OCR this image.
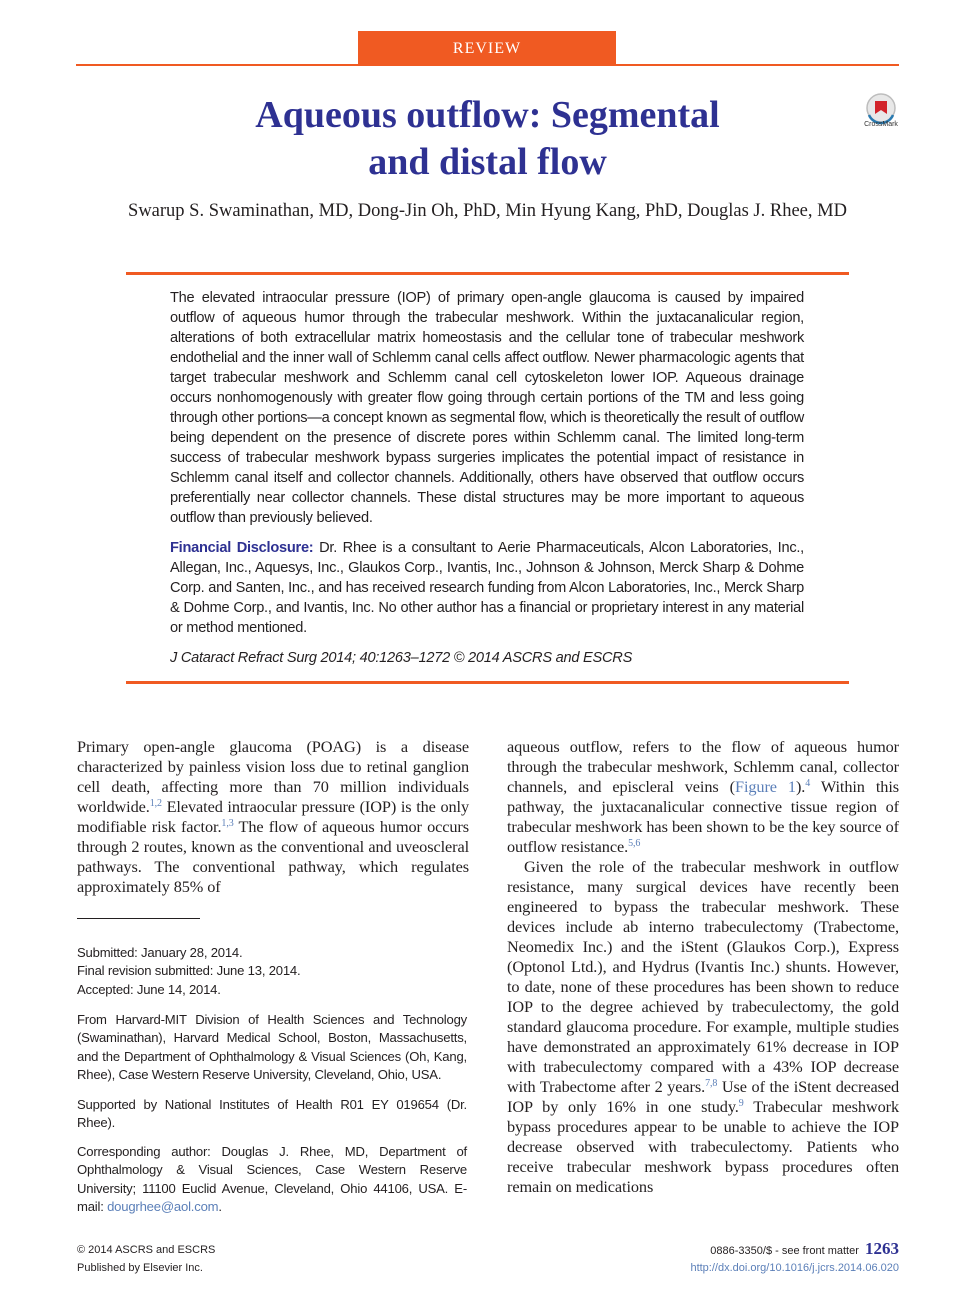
REVIEW
Aqueous outflow: Segmental
and distal flow
CrossMark
Swarup S. Swaminathan, MD, Dong-Jin Oh, PhD, Min Hyung Kang, PhD, Douglas J. Rhee, MD

The elevated intraocular pressure (IOP) of primary open-angle glaucoma is caused by impaired outflow of aqueous humor through the trabecular meshwork. Within the juxtacanalicular region, alterations of both extracellular matrix homeostasis and the cellular tone of trabecular meshwork endothelial and the inner wall of Schlemm canal cells affect outflow. Newer pharmacologic agents that target trabecular meshwork and Schlemm canal cell cytoskeleton lower IOP. Aqueous drainage occurs nonhomogenously with greater flow going through certain portions of the TM and less going through other portions—a concept known as segmental flow, which is theoretically the result of outflow being dependent on the presence of discrete pores within Schlemm canal. The limited long-term success of trabecular meshwork bypass surgeries implicates the potential impact of resistance in Schlemm canal itself and collector channels. Additionally, others have observed that outflow occurs preferentially near collector channels. These distal structures may be more important to aqueous outflow than previously believed.

Financial Disclosure: Dr. Rhee is a consultant to Aerie Pharmaceuticals, Alcon Laboratories, Inc., Allegan, Inc., Aquesys, Inc., Glaukos Corp., Ivantis, Inc., Johnson & Johnson, Merck Sharp & Dohme Corp. and Santen, Inc., and has received research funding from Alcon Laboratories, Inc., Merck Sharp & Dohme Corp., and Ivantis, Inc. No other author has a financial or proprietary interest in any material or method mentioned.

J Cataract Refract Surg 2014; 40:1263–1272 © 2014 ASCRS and ESCRS

Primary open-angle glaucoma (POAG) is a disease characterized by painless vision loss due to retinal ganglion cell death, affecting more than 70 million individuals worldwide.$^{1,2}$ Elevated intraocular pressure (IOP) is the only modifiable risk factor.$^{1,3}$ The flow of aqueous humor occurs through 2 routes, known as the conventional and uveoscleral pathways. The conventional pathway, which regulates approximately 85% of

Submitted: January 28, 2014.

Final revision submitted: June 13, 2014.

Accepted: June 14, 2014.

From Harvard-MIT Division of Health Sciences and Technology (Swaminathan), Harvard Medical School, Boston, Massachusetts, and the Department of Ophthalmology & Visual Sciences (Oh, Kang, Rhee), Case Western Reserve University, Cleveland, Ohio, USA.
Supported by National Institutes of Health R01 EY 019654 (Dr. Rhee).
Corresponding author: Douglas J. Rhee, MD, Department of Ophthalmology & Visual Sciences, Case Western Reserve University; 11100 Euclid Avenue, Cleveland, Ohio 44106, USA. E-mail: dougrhee@aol.com.

aqueous outflow, refers to the flow of aqueous humor through the trabecular meshwork, Schlemm canal, collector channels, and episcleral veins (Figure 1).$^4$ Within this pathway, the juxtacanalicular connective tissue region of trabecular meshwork has been shown to be the key source of outflow resistance.$^{5,6}$

Given the role of the trabecular meshwork in outflow resistance, many surgical devices have recently been engineered to bypass the trabecular meshwork. These devices include ab interno trabeculectomy (Trabectome, Neomedix Inc.) and the iStent (Glaukos Corp.), Express (Optonol Ltd.), and Hydrus (Ivantis Inc.) shunts. However, to date, none of these procedures has been shown to reduce IOP to the degree achieved by trabeculectomy, the gold standard glaucoma procedure. For example, multiple studies have demonstrated an approximately 61% decrease in IOP with trabeculectomy compared with a 43% IOP decrease with Trabectome after 2 years.$^{7,8}$ Use of the iStent decreased IOP by only 16% in one study.$^9$ Trabecular meshwork bypass procedures appear to be unable to achieve the IOP decrease observed with trabeculectomy. Patients who receive trabecular meshwork bypass procedures often remain on medications

© 2014 ASCRS and ESCRS
Published by Elsevier Inc.
0886-3350/$ - see front matter 1263
http://dx.doi.org/10.1016/j.jcrs.2014.06.020
